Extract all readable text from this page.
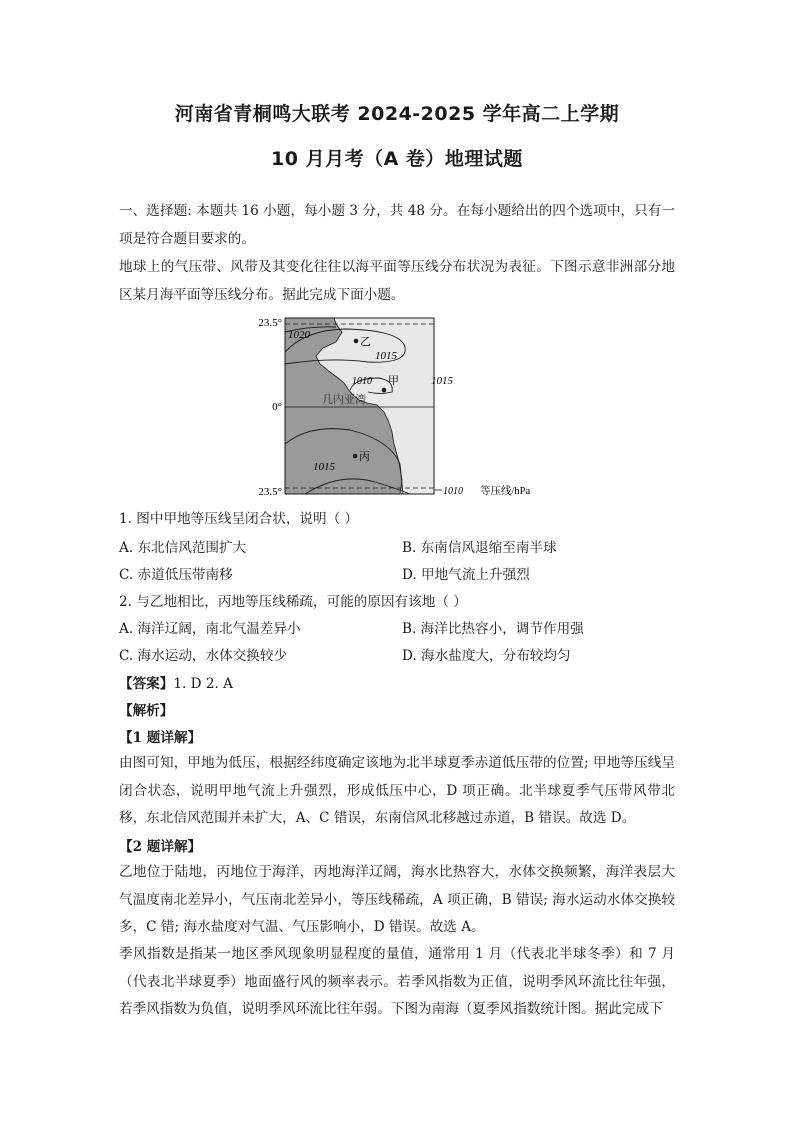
河南省青桐鸣大联考 2024-2025 学年高二上学期
10 月月考（A 卷）地理试题
一、选择题: 本题共 16 小题，每小题 3 分，共 48 分。在每小题给出的四个选项中，只有一项是符合题目要求的。
地球上的气压带、风带及其变化往往以海平面等压线分布状况为表征。下图示意非洲部分地区某月海平面等压线分布。据此完成下面小题。
23.5°
0°
23.5°
1020
1015
1010	1015
1015
1010
乙
甲
丙
几内亚湾
等压线/hPa
1. 图中甲地等压线呈闭合状，说明（ ）
A. 东北信风范围扩大	B. 东南信风退缩至南半球
C. 赤道低压带南移	D. 甲地气流上升强烈
2. 与乙地相比，丙地等压线稀疏，可能的原因有该地（ ）
A. 海洋辽阔，南北气温差异小	B. 海洋比热容小，调节作用强
C. 海水运动，水体交换较少	D. 海水盐度大，分布较均匀
【答案】1. D 2. A
【解析】
【1 题详解】
由图可知，甲地为低压，根据经纬度确定该地为北半球夏季赤道低压带的位置; 甲地等压线呈闭合状态，说明甲地气流上升强烈，形成低压中心，D 项正确。北半球夏季气压带风带北移，东北信风范围并未扩大，A、C 错误，东南信风北移越过赤道，B 错误。故选 D。
【2 题详解】
乙地位于陆地，丙地位于海洋，丙地海洋辽阔，海水比热容大，水体交换频繁，海洋表层大气温度南北差异小，气压南北差异小，等压线稀疏，A 项正确，B 错误; 海水运动水体交换较多，C 错; 海水盐度对气温、气压影响小，D 错误。故选 A。
季风指数是指某一地区季风现象明显程度的量值，通常用 1 月（代表北半球冬季）和 7 月（代表北半球夏季）地面盛行风的频率表示。若季风指数为正值，说明季风环流比往年强，若季风指数为负值，说明季风环流比往年弱。下图为南海（夏季风指数统计图。据此完成下
